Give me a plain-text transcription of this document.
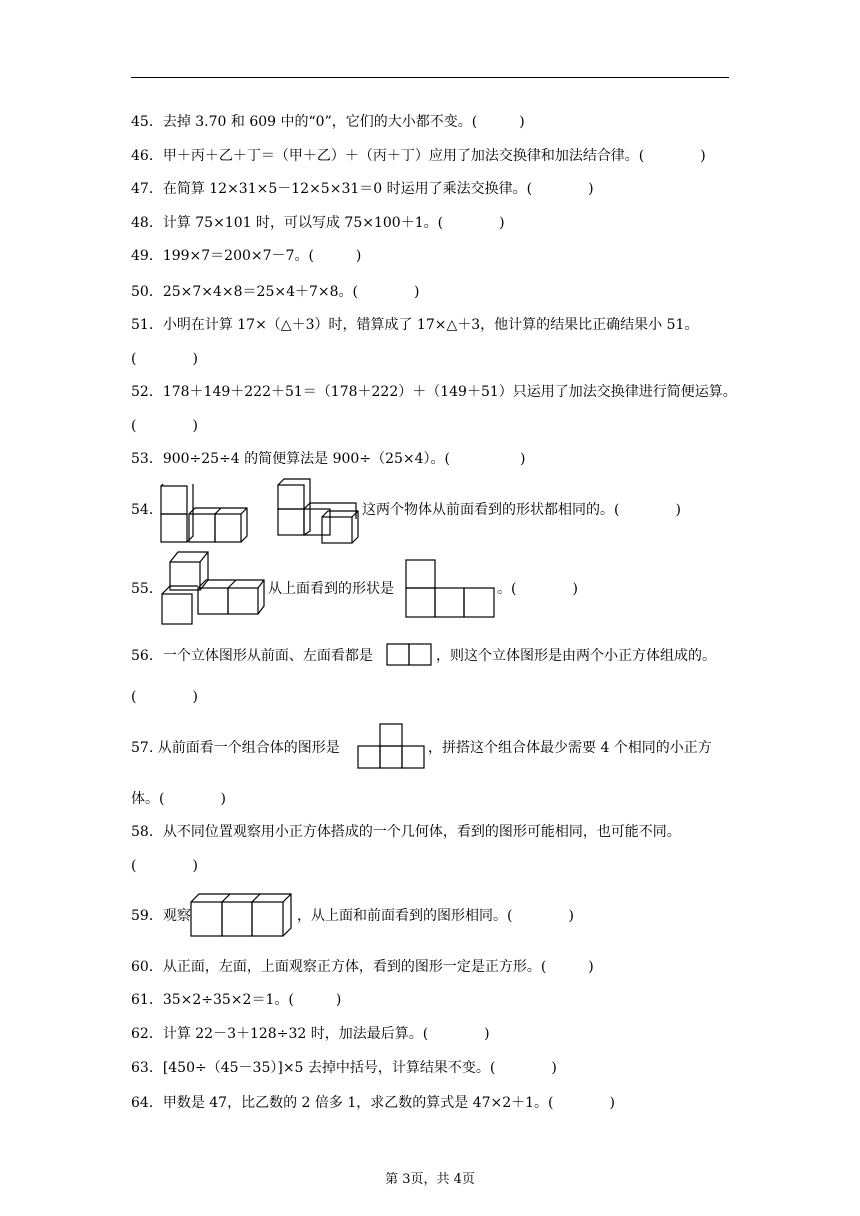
45．去掉 3.70 和 609 中的“0”，它们的大小都不变。(　　　)
46．甲＋丙＋乙＋丁＝（甲＋乙）＋（丙＋丁）应用了加法交换律和加法结合律。(　　　　)
47．在简算 12×31×5－12×5×31＝0 时运用了乘法交换律。(　　　　)
48．计算 75×101 时，可以写成 75×100＋1。(　　　　)
49．199×7＝200×7－7。(　　　)
50．25×7×4×8＝25×4＋7×8。(　　　　)
51．小明在计算 17×（△＋3）时，错算成了 17×△＋3，他计算的结果比正确结果小 51。
(　　　　)
52．178＋149＋222＋51＝（178＋222）＋（149＋51）只运用了加法交换律进行简便运算。
(　　　　)
53．900÷25÷4 的简便算法是 900÷（25×4）。(　　　　　)
54．	这两个物体从前面看到的形状都相同的。(　　　　)
55．	从上面看到的形状是	。(　　　　)
56．一个立体图形从前面、左面看都是	，则这个立体图形是由两个小正方体组成的。
(　　　　)
57. 从前面看一个组合体的图形是	，拼搭这个组合体最少需要 4 个相同的小正方
体。(　　　　)
58．从不同位置观察用小正方体搭成的一个几何体，看到的图形可能相同，也可能不同。
(　　　　)
59．观察	，从上面和前面看到的图形相同。(　　　　)
60．从正面，左面，上面观察正方体，看到的图形一定是正方形。(　　　)
61．35×2÷35×2＝1。(　　　)
62．计算 22－3＋128÷32 时，加法最后算。(　　　　)
63．[450÷（45－35）]×5 去掉中括号，计算结果不变。(　　　　)
64．甲数是 47，比乙数的 2 倍多 1，求乙数的算式是 47×2＋1。(　　　　)
第 3页，共 4页
